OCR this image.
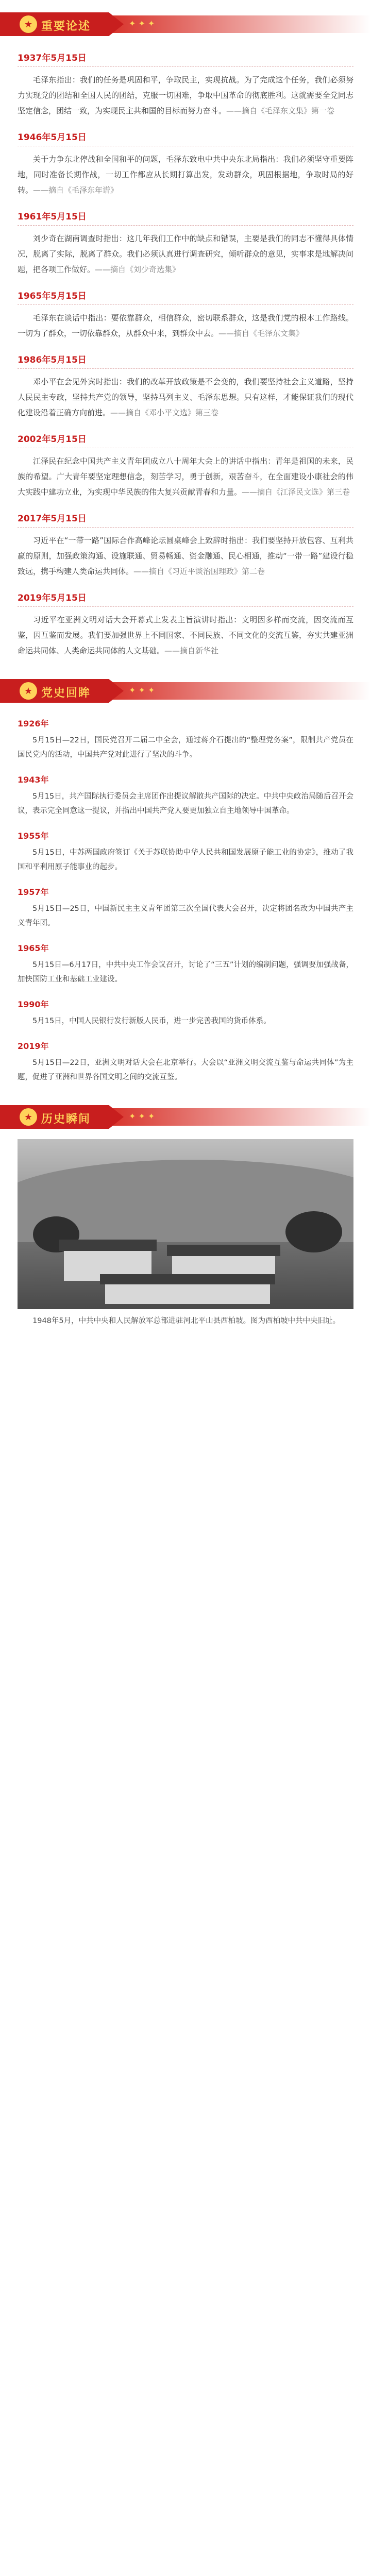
★ 重要论述	✦ ✦ ✦
1937年5月15日

毛泽东指出：我们的任务是巩固和平，争取民主，实现抗战。为了完成这个任务，我们必须努力实现党的团结和全国人民的团结，克服一切困难，争取中国革命的彻底胜利。这就需要全党同志坚定信念，团结一致，为实现民主共和国的目标而努力奋斗。——摘自《毛泽东文集》第一卷

1946年5月15日

关于力争东北停战和全国和平的问题，毛泽东致电中共中央东北局指出：我们必须坚守重要阵地，同时准备长期作战，一切工作都应从长期打算出发，发动群众，巩固根据地，争取时局的好转。——摘自《毛泽东年谱》

1961年5月15日

刘少奇在湖南调查时指出：这几年我们工作中的缺点和错误，主要是我们的同志不懂得具体情况，脱离了实际，脱离了群众。我们必须认真进行调查研究，倾听群众的意见，实事求是地解决问题，把各项工作做好。——摘自《刘少奇选集》

1965年5月15日

毛泽东在谈话中指出：要依靠群众，相信群众，密切联系群众，这是我们党的根本工作路线。一切为了群众，一切依靠群众，从群众中来，到群众中去。——摘自《毛泽东文集》

1986年5月15日

邓小平在会见外宾时指出：我们的改革开放政策是不会变的，我们要坚持社会主义道路，坚持人民民主专政，坚持共产党的领导，坚持马列主义、毛泽东思想。只有这样，才能保证我们的现代化建设沿着正确方向前进。——摘自《邓小平文选》第三卷

2002年5月15日

江泽民在纪念中国共产主义青年团成立八十周年大会上的讲话中指出：青年是祖国的未来，民族的希望。广大青年要坚定理想信念，刻苦学习，勇于创新，艰苦奋斗，在全面建设小康社会的伟大实践中建功立业，为实现中华民族的伟大复兴贡献青春和力量。——摘自《江泽民文选》第三卷

2017年5月15日

习近平在“一带一路”国际合作高峰论坛圆桌峰会上致辞时指出：我们要坚持开放包容、互利共赢的原则，加强政策沟通、设施联通、贸易畅通、资金融通、民心相通，推动“一带一路”建设行稳致远，携手构建人类命运共同体。——摘自《习近平谈治国理政》第二卷

2019年5月15日

习近平在亚洲文明对话大会开幕式上发表主旨演讲时指出：文明因多样而交流，因交流而互鉴，因互鉴而发展。我们要加强世界上不同国家、不同民族、不同文化的交流互鉴，夯实共建亚洲命运共同体、人类命运共同体的人文基础。——摘自新华社

★ 党史回眸	✦ ✦ ✦
1926年

5月15日—22日，国民党召开二届二中全会，通过蒋介石提出的“整理党务案”，限制共产党员在国民党内的活动，中国共产党对此进行了坚决的斗争。

1943年

5月15日，共产国际执行委员会主席团作出提议解散共产国际的决定。中共中央政治局随后召开会议，表示完全同意这一提议，并指出中国共产党人要更加独立自主地领导中国革命。

1955年

5月15日，中苏两国政府签订《关于苏联协助中华人民共和国发展原子能工业的协定》，推动了我国和平利用原子能事业的起步。

1957年

5月15日—25日，中国新民主主义青年团第三次全国代表大会召开，决定将团名改为中国共产主义青年团。

1965年

5月15日—6月17日，中共中央工作会议召开，讨论了“三五”计划的编制问题，强调要加强战备，加快国防工业和基础工业建设。

1990年

5月15日，中国人民银行发行新版人民币，进一步完善我国的货币体系。

2019年

5月15日—22日，亚洲文明对话大会在北京举行。大会以“亚洲文明交流互鉴与命运共同体”为主题，促进了亚洲和世界各国文明之间的交流互鉴。

★ 历史瞬间	✦ ✦ ✦

1948年5月，中共中央和人民解放军总部进驻河北平山县西柏坡。图为西柏坡中共中央旧址。
